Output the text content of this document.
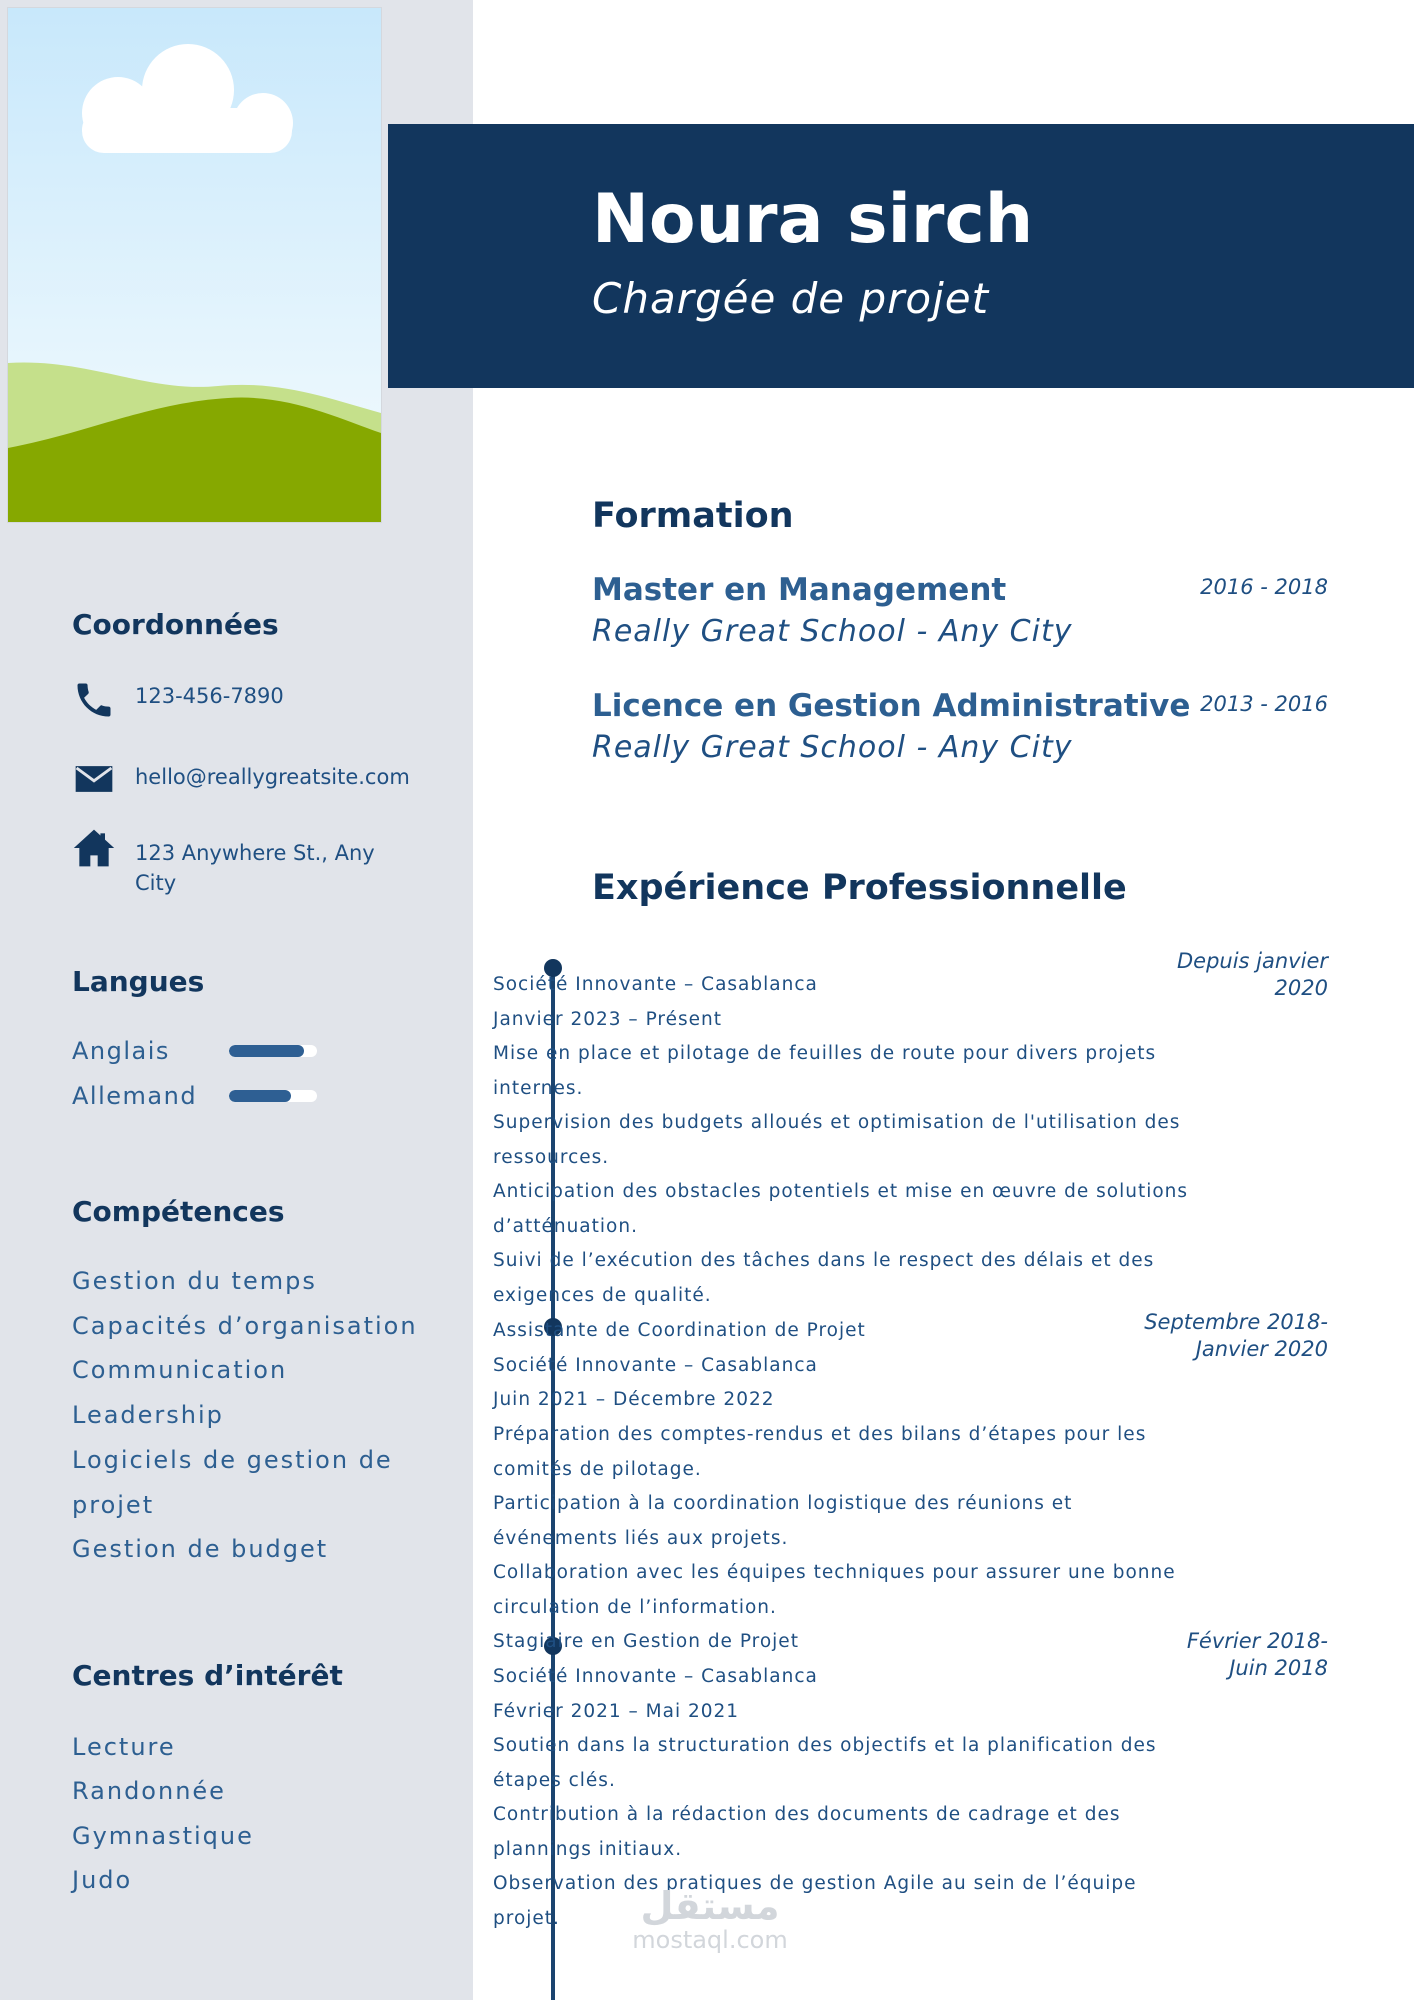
Noura sirch
Chargée de projet
Coordonnées
123-456-7890
hello@reallygreatsite.com
123 Anywhere St., Any
City
Langues
Anglais
Allemand
Compétences
Gestion du temps
Capacités d’organisation
Communication
Leadership
Logiciels de gestion de
projet
Gestion de budget
Centres d’intérêt
Lecture
Randonnée
Gymnastique
Judo
Formation
Master en Management
Really Great School - Any City
2016 - 2018
Licence en Gestion Administrative
Really Great School - Any City
2013 - 2016
Expérience Professionnelle
Depuis janvier
2020
Septembre 2018-
Janvier 2020
Février 2018-
Juin 2018
Société Innovante – Casablanca
Janvier 2023 – Présent
Mise en place et pilotage de feuilles de route pour divers projets
internes.
Supervision des budgets alloués et optimisation de l'utilisation des
ressources.
Anticipation des obstacles potentiels et mise en œuvre de solutions
d’atténuation.
Suivi de l’exécution des tâches dans le respect des délais et des
exigences de qualité.
Assistante de Coordination de Projet
Société Innovante – Casablanca
Juin 2021 – Décembre 2022
Préparation des comptes-rendus et des bilans d’étapes pour les
comités de pilotage.
Participation à la coordination logistique des réunions et
événements liés aux projets.
Collaboration avec les équipes techniques pour assurer une bonne
circulation de l’information.
Stagiaire en Gestion de Projet
Société Innovante – Casablanca
Février 2021 – Mai 2021
Soutien dans la structuration des objectifs et la planification des
étapes clés.
Contribution à la rédaction des documents de cadrage et des
plannings initiaux.
Observation des pratiques de gestion Agile au sein de l’équipe
projet.	مستقل
mostaql.com
